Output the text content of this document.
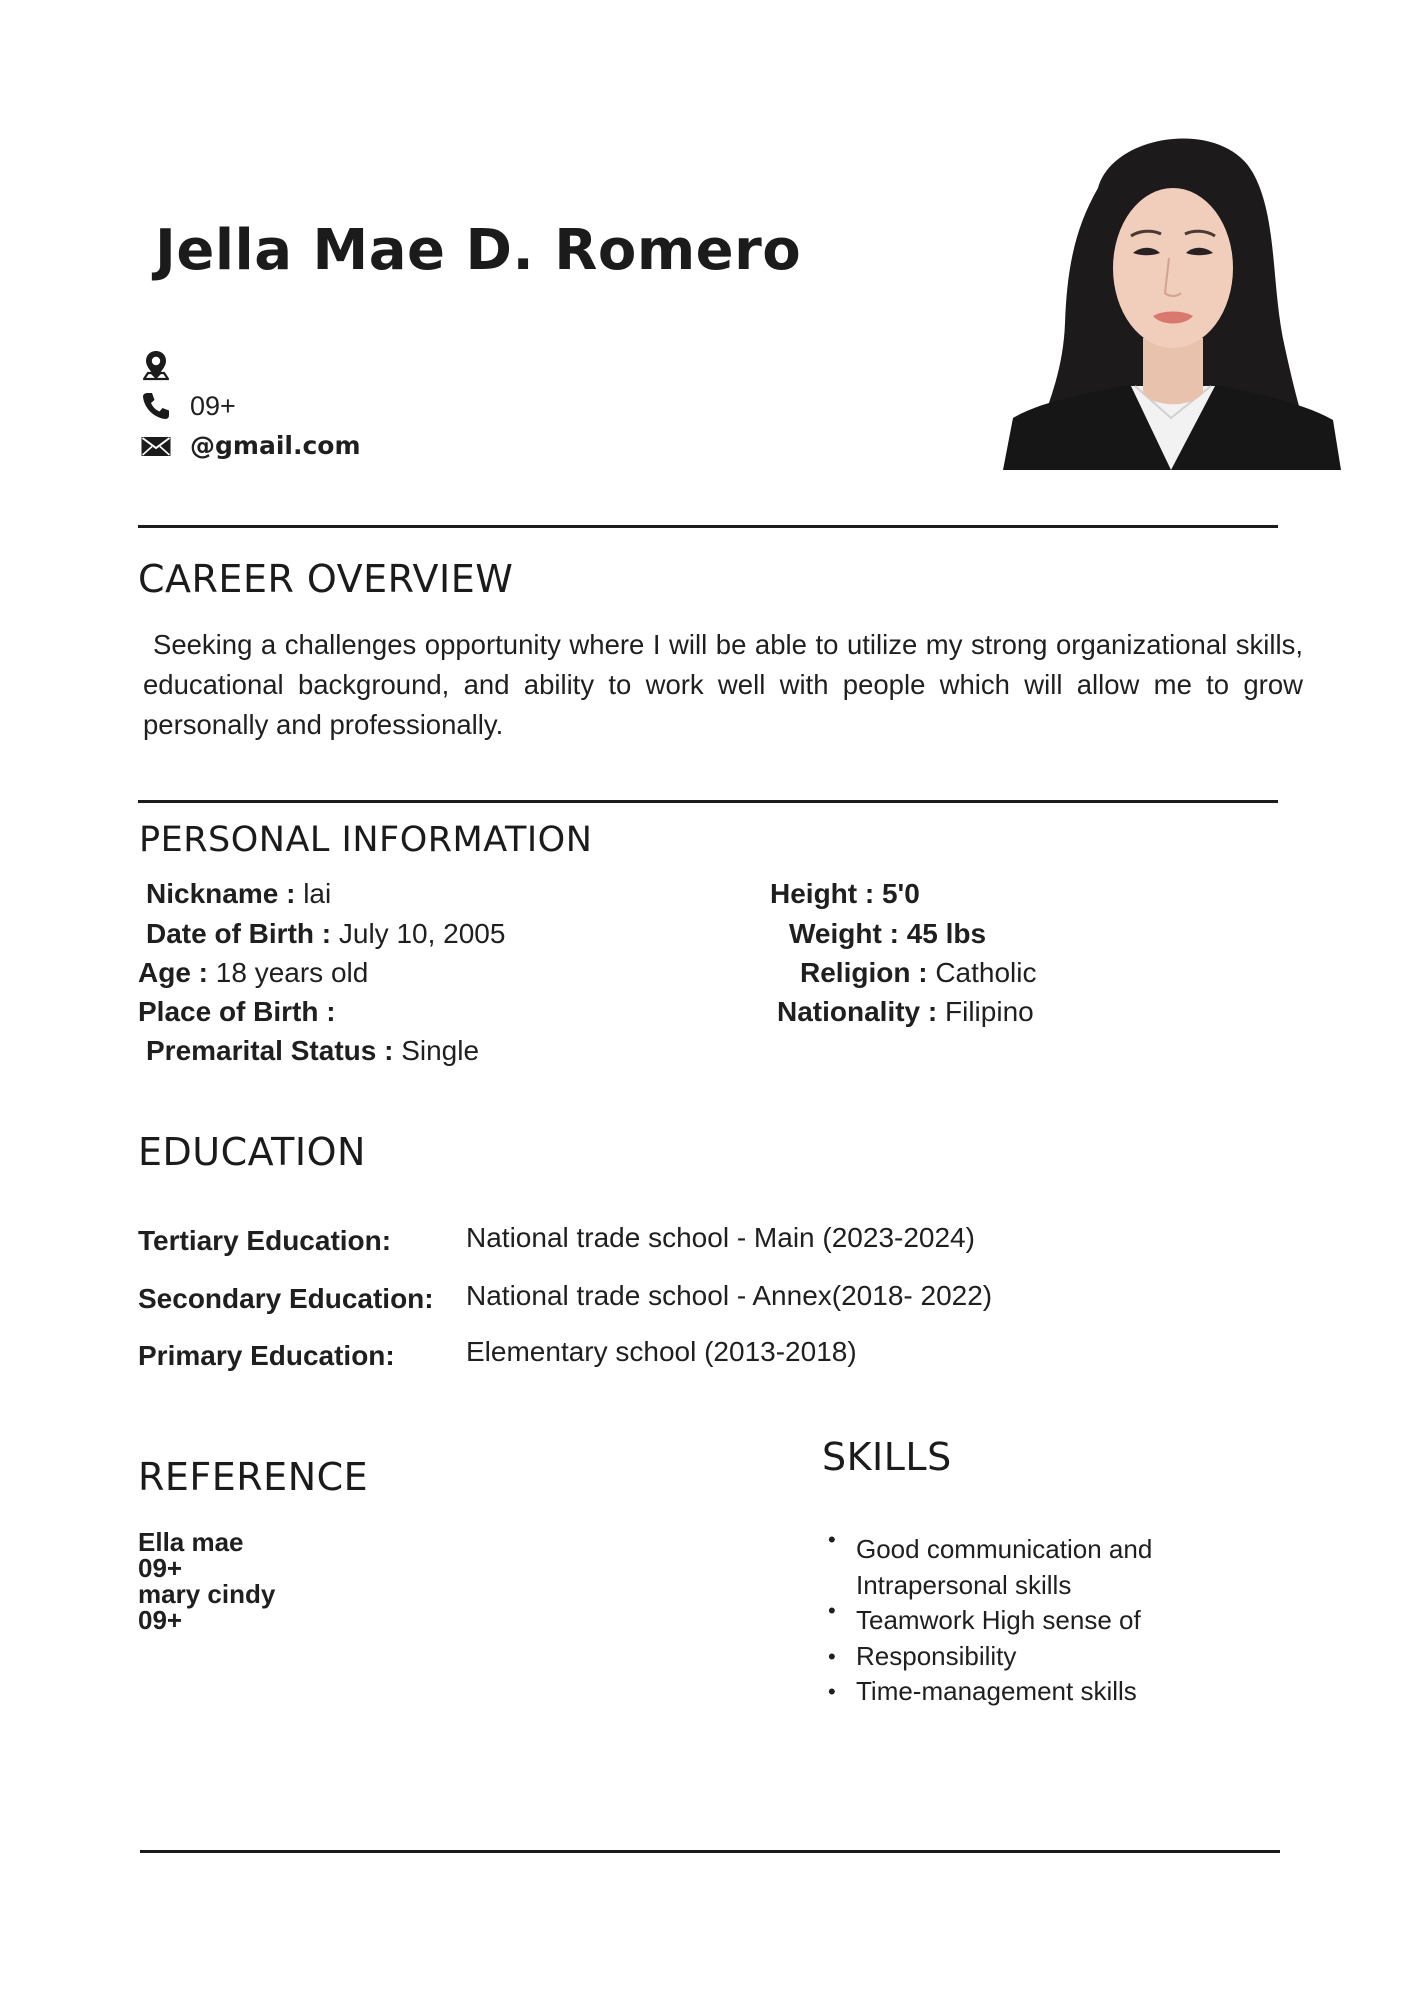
Jella Mae D. Romero
09+
@gmail.com
CAREER OVERVIEW

Seeking a challenges opportunity where I will be able to utilize my strong organizational skills, educational background, and ability to work well with people which will allow me to grow personally and professionally.

PERSONAL INFORMATION
Nickname : lai
Date of Birth : July 10, 2005
Age : 18 years old
Place of Birth :
Premarital Status : Single
Height : 5'0
Weight : 45 lbs
Religion : Catholic
Nationality : Filipino
EDUCATION
Tertiary Education:	National trade school - Main (2023-2024)
Secondary Education: National trade school - Annex(2018- 2022)
Primary Education:	Elementary school (2013-2018)
REFERENCE
Ella mae
09+
mary cindy
09+
SKILLS
• Good communication and
Intrapersonal skills
• Teamwork High sense of
• Responsibility
• Time-management skills
